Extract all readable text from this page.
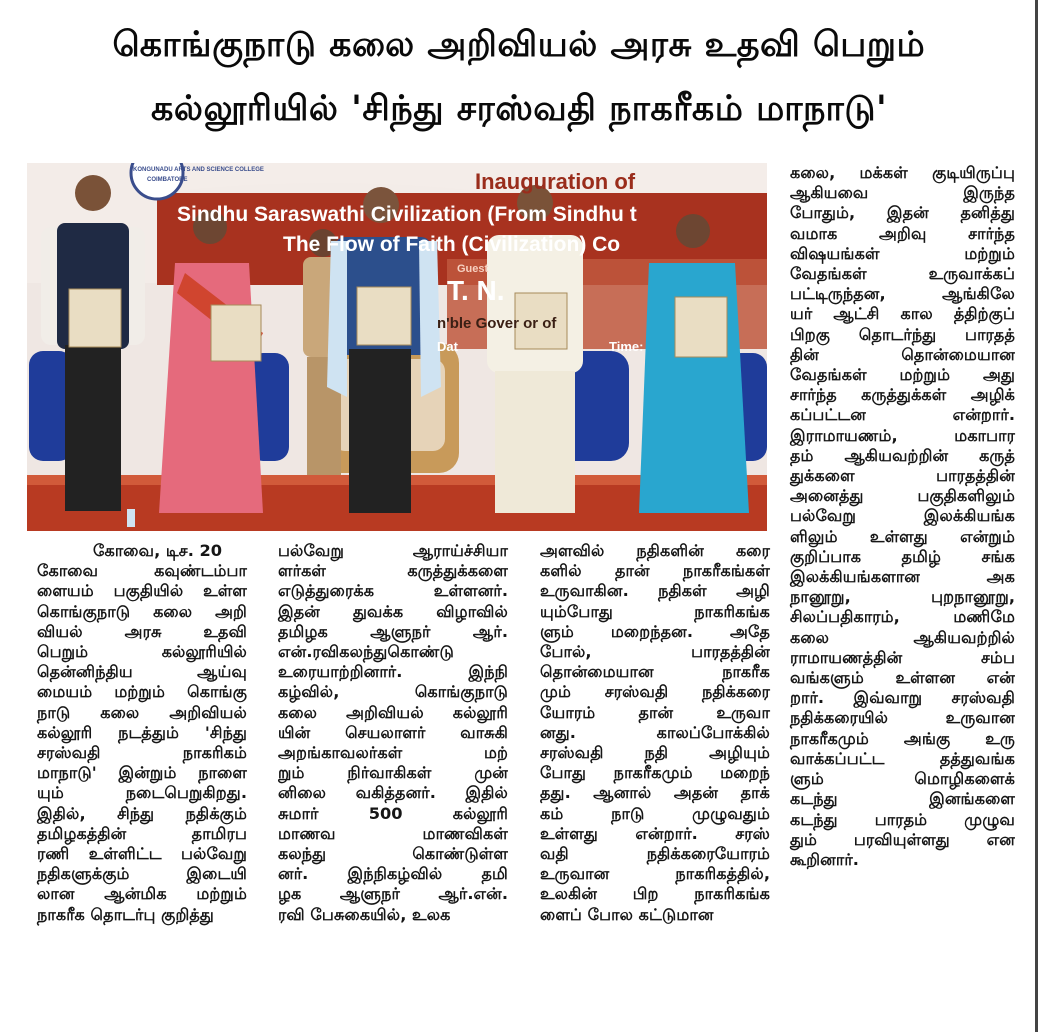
கொங்குநாடு கலை அறிவியல் அரசு உதவி பெறும்
கல்லூரியில் 'சிந்து சரஸ்வதி நாகரீகம் மாநாடு'
Inauguration of
Sindhu Saraswathi Civilization (From Sindhu t
The Flow of Faith (Civilization) Co
KONGUNADU ARTS AND SCIENCE COLLEGE
COIMBATORE
Guest
T. N.
n'ble Gover or of
Dat	Time:

கோவை, டிச. 20

கோவை கவுண்டம்பா

ளையம் பகுதியில் உள்ள

கொங்குநாடு கலை அறி

வியல் அரசு உதவி

பெறும் கல்லூரியில்

தென்னிந்திய ஆய்வு

மையம் மற்றும் கொங்கு

நாடு கலை அறிவியல்

கல்லூரி நடத்தும் 'சிந்து

சரஸ்வதி நாகரிகம்

மாநாடு' இன்றும் நாளை

யும் நடைபெறுகிறது.

இதில், சிந்து நதிக்கும்

தமிழகத்தின் தாமிரப

ரணி உள்ளிட்ட பல்வேறு

நதிகளுக்கும் இடையி

லான ஆன்மிக மற்றும்

நாகரீக தொடர்பு குறித்து

பல்வேறு ஆராய்ச்சியா

ளர்கள் கருத்துக்களை

எடுத்துரைக்க உள்ளனர்.

இதன் துவக்க விழாவில்

தமிழக ஆளுநர் ஆர்.

என்.ரவிகலந்துகொண்டு

உரையாற்றினார். இந்நி

கழ்வில், கொங்குநாடு

கலை அறிவியல் கல்லூரி

யின் செயலாளர் வாசுகி

அறங்காவலர்கள் மற்

றும் நிர்வாகிகள் முன்

னிலை வகித்தனர். இதில்

சுமார் 500 கல்லூரி

மாணவ மாணவிகள்

கலந்து கொண்டுள்ள

னர். இந்நிகழ்வில் தமி

ழக ஆளுநர் ஆர்.என்.

ரவி பேசுகையில், உலக

அளவில் நதிகளின் கரை

களில் தான் நாகரீகங்கள்

உருவாகின. நதிகள் அழி

யும்போது நாகரிகங்க

ளும் மறைந்தன. அதே

போல், பாரதத்தின்

தொன்மையான நாகரீக

மும் சரஸ்வதி நதிக்கரை

யோரம் தான் உருவா

னது. காலப்போக்கில்

சரஸ்வதி நதி அழியும்

போது நாகரீகமும் மறைந்

தது. ஆனால் அதன் தாக்

கம் நாடு முழுவதும்

உள்ளது என்றார். சரஸ்

வதி நதிக்கரையோரம்

உருவான நாகரிகத்தில்,

உலகின் பிற நாகரிகங்க

ளைப் போல கட்டுமான

கலை, மக்கள் குடியிருப்பு

ஆகியவை இருந்த

போதும், இதன் தனித்து

வமாக அறிவு சார்ந்த

விஷயங்கள் மற்றும்

வேதங்கள் உருவாக்கப்

பட்டிருந்தன, ஆங்கிலே

யர் ஆட்சி கால த்திற்குப்

பிறகு தொடர்ந்து பாரதத்

தின் தொன்மையான

வேதங்கள் மற்றும் அது

சார்ந்த கருத்துக்கள் அழிக்

கப்பட்டன என்றார்.

இராமாயணம், மகாபார

தம் ஆகியவற்றின் கருத்

துக்களை பாரதத்தின்

அனைத்து பகுதிகளிலும்

பல்வேறு இலக்கியங்க

ளிலும் உள்ளது என்றும்

குறிப்பாக தமிழ் சங்க

இலக்கியங்களான அக

நானூறு, புறநானூறு,

சிலப்பதிகாரம், மணிமே

கலை ஆகியவற்றில்

ராமாயணத்தின் சம்ப

வங்களும் உள்ளன என்

றார். இவ்வாறு சரஸ்வதி

நதிக்கரையில் உருவான

நாகரீகமும் அங்கு உரு

வாக்கப்பட்ட தத்துவங்க

ளும் மொழிகளைக்

கடந்து இனங்களை

கடந்து பாரதம் முழுவ

தும் பரவியுள்ளது என

கூறினார்.
